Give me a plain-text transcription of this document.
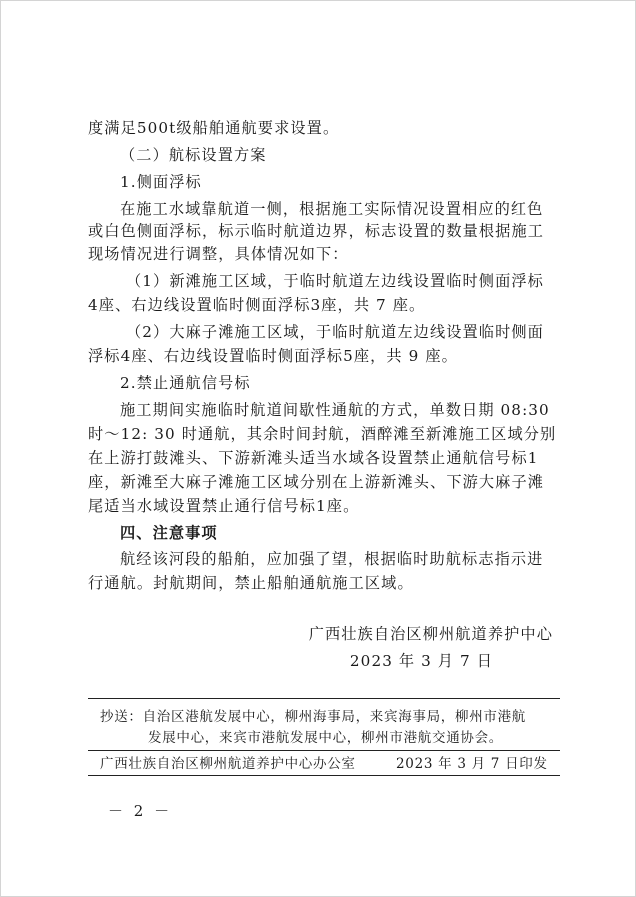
度满足500t级船舶通航要求设置。
（二）航标设置方案
1.侧面浮标
在施工水域靠航道一侧，根据施工实际情况设置相应的红色
或白色侧面浮标，标示临时航道边界，标志设置的数量根据施工
现场情况进行调整，具体情况如下：
（1）新滩施工区域，于临时航道左边线设置临时侧面浮标
4座、右边线设置临时侧面浮标3座，共 7 座。
（2）大麻子滩施工区域，于临时航道左边线设置临时侧面
浮标4座、右边线设置临时侧面浮标5座，共 9 座。
2.禁止通航信号标
施工期间实施临时航道间歇性通航的方式，单数日期 08:30
时～12: 30 时通航，其余时间封航，酒醉滩至新滩施工区域分别
在上游打鼓滩头、下游新滩头适当水域各设置禁止通航信号标1
座，新滩至大麻子滩施工区域分别在上游新滩头、下游大麻子滩
尾适当水域设置禁止通行信号标1座。
四、注意事项
航经该河段的船舶，应加强了望，根据临时助航标志指示进
行通航。封航期间，禁止船舶通航施工区域。
广西壮族自治区柳州航道养护中心
2023 年 3 月 7 日
抄送：自治区港航发展中心，柳州海事局，来宾海事局，柳州市港航
发展中心，来宾市港航发展中心，柳州市港航交通协会。
广西壮族自治区柳州航道养护中心办公室	2023 年 3 月 7 日印发
－ 2 －
